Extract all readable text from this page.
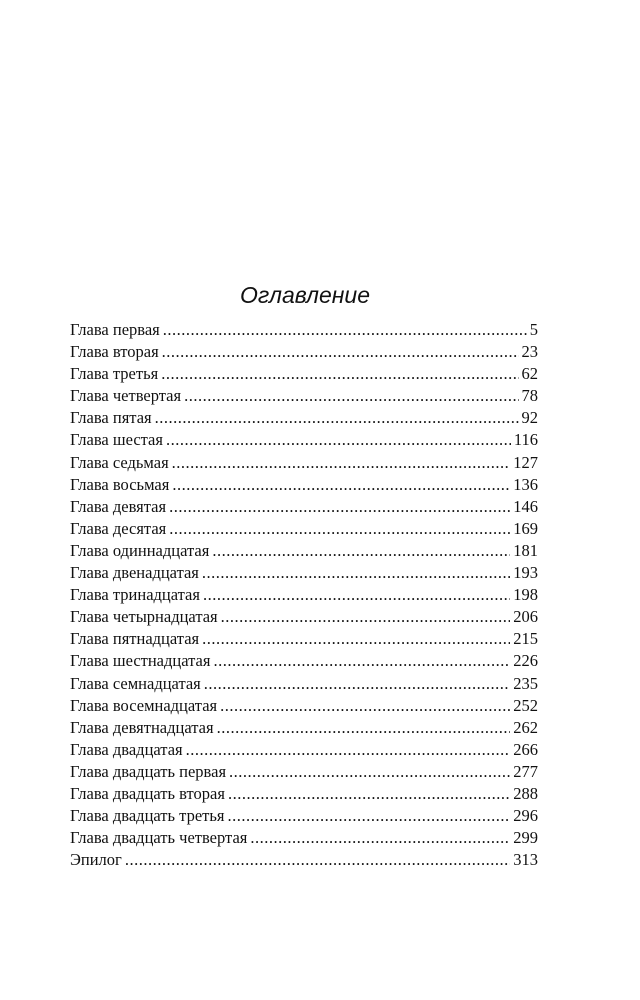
Оглавление
Глава первая .....	5
Глава вторая .....	23
Глава третья .....	62
Глава четвертая .....	78
Глава пятая .....	92
Глава шестая .....	116
Глава седьмая .....	127
Глава восьмая .....	136
Глава девятая .....	146
Глава десятая .....	169
Глава одиннадцатая .....	181
Глава двенадцатая .....	193
Глава тринадцатая .....	198
Глава четырнадцатая .....	206
Глава пятнадцатая .....	215
Глава шестнадцатая .....	226
Глава семнадцатая .....	235
Глава восемнадцатая .....	252
Глава девятнадцатая .....	262
Глава двадцатая .....	266
Глава двадцать первая .....	277
Глава двадцать вторая .....	288
Глава двадцать третья .....	296
Глава двадцать четвертая .....	299
Эпилог .....	313
